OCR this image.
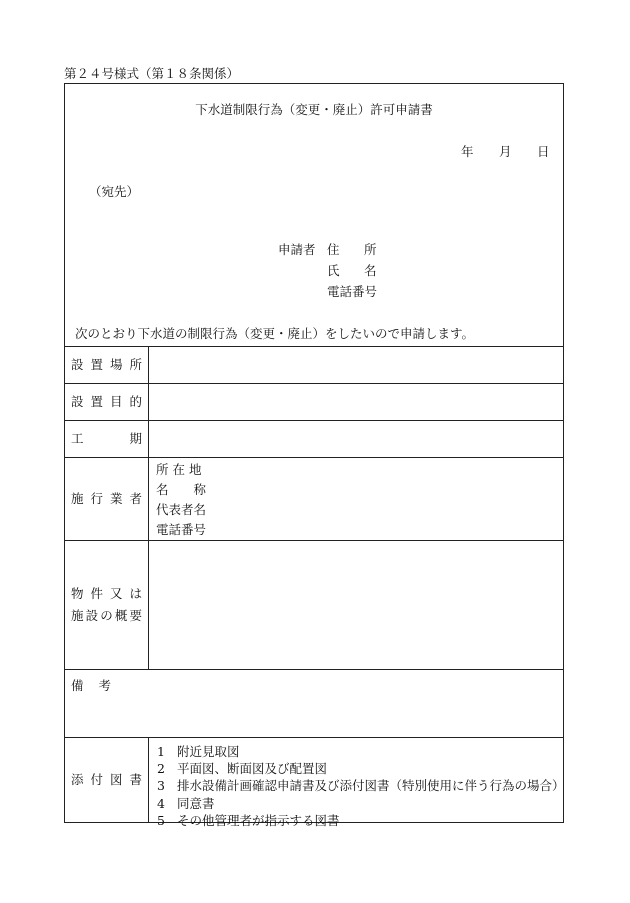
第２４号様式（第１８条関係）
下水道制限行為（変更・廃止）許可申請書
年 月 日
（宛先）
申請者 住 所
氏 名
電話番号
次のとおり下水道の制限行為（変更・廃止）をしたいので申請します。
設 置 場 所
設 置 目 的
工	期
施 行 業 者
所 在 地
名　　称
代表者名
電話番号
物 件 又 は
施 設 の 概 要
備 考
添 付 図 書
1 附近見取図
2 平面図、断面図及び配置図
3 排水設備計画確認申請書及び添付図書（特別使用に伴う行為の場合）
4 同意書
5 その他管理者が指示する図書
